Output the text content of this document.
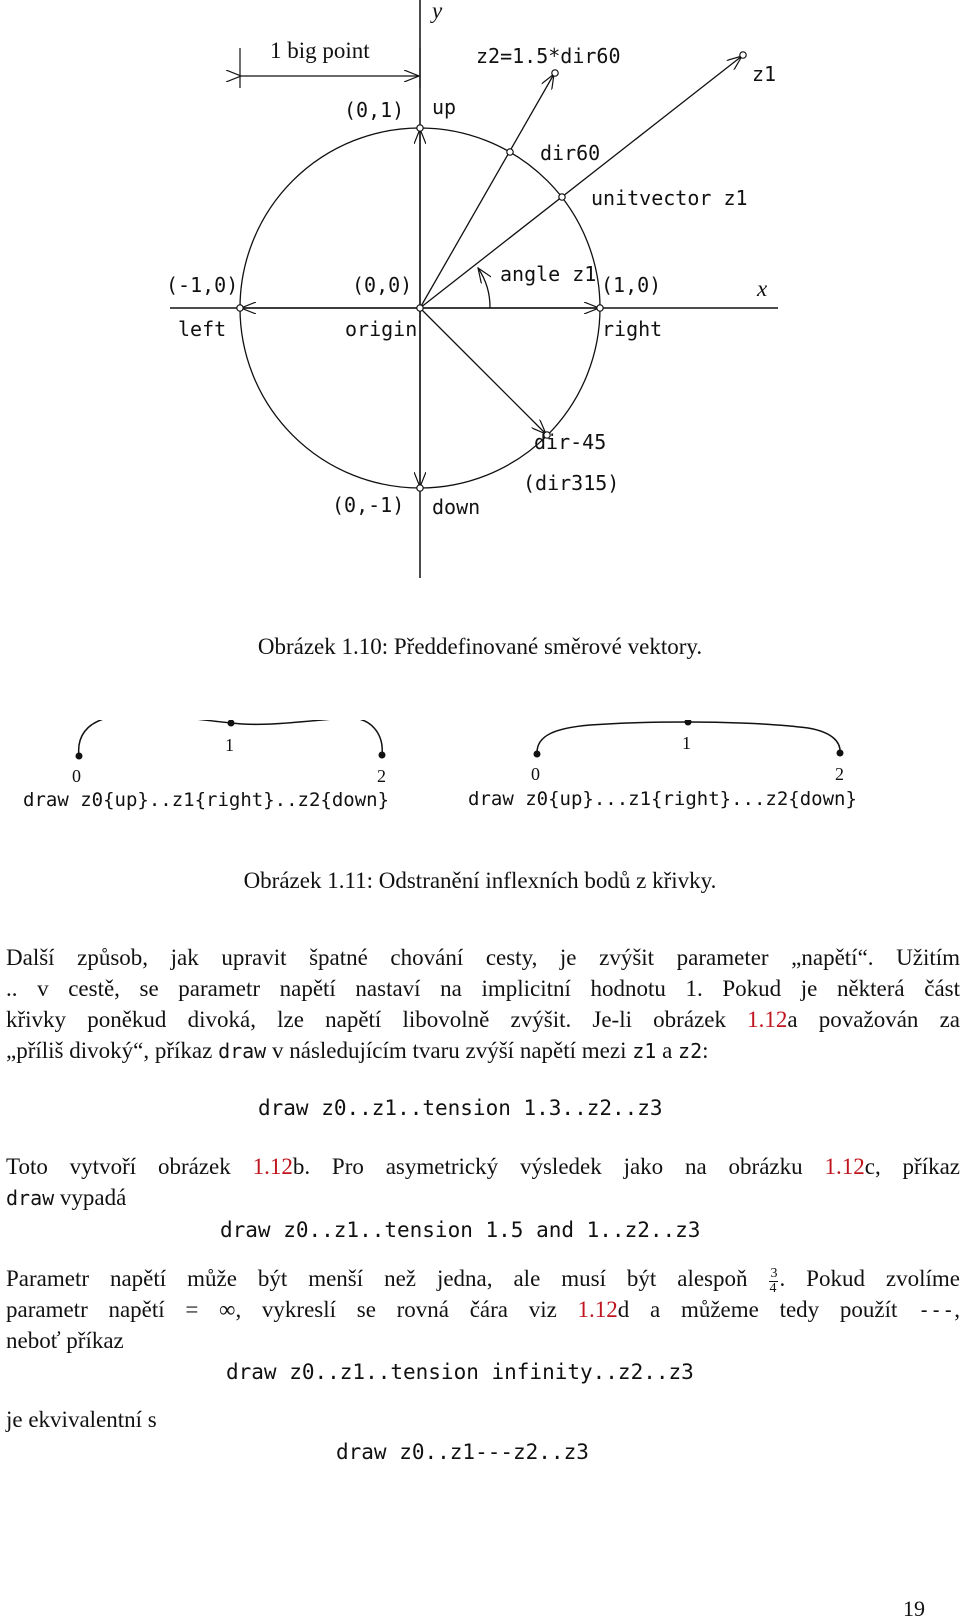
y
x
1 big point
(0,1) up
z2=1.5*dir60
z1
dir60
unitvector z1
(-1,0)	(0,0)	angle z1 (1,0)
left	origin	right
dir-45
(dir315)
(0,-1) down
Obrázek 1.10: Předdefinované směrové vektory.
0
1
2	0
1
2
draw z0{up}..z1{right}..z2{down}	draw z0{up}...z1{right}...z2{down}
Obrázek 1.11: Odstranění inflexních bodů z křivky.
Další způsob, jak upravit špatné chování cesty, je zvýšit parameter „napětí“. Užitím
.. v cestě, se parametr napětí nastaví na implicitní hodnotu 1. Pokud je některá část
křivky poněkud divoká, lze napětí libovolně zvýšit. Je-li obrázek 1.12a považován za
„příliš divoký“, příkaz draw v následujícím tvaru zvýší napětí mezi z1 a z2:
draw z0..z1..tension 1.3..z2..z3
Toto vytvoří obrázek 1.12b. Pro asymetrický výsledek jako na obrázku 1.12c, příkaz
draw vypadá
draw z0..z1..tension 1.5 and 1..z2..z3
Parametr napětí může být menší než jedna, ale musí být alespoň $\frac{3}{4}$ . Pokud zvolíme
parametr napětí = ∞, vykreslí se rovná čára viz 1.12d a můžeme tedy použít ---,
neboť příkaz
draw z0..z1..tension infinity..z2..z3
je ekvivalentní s
draw z0..z1---z2..z3
19
